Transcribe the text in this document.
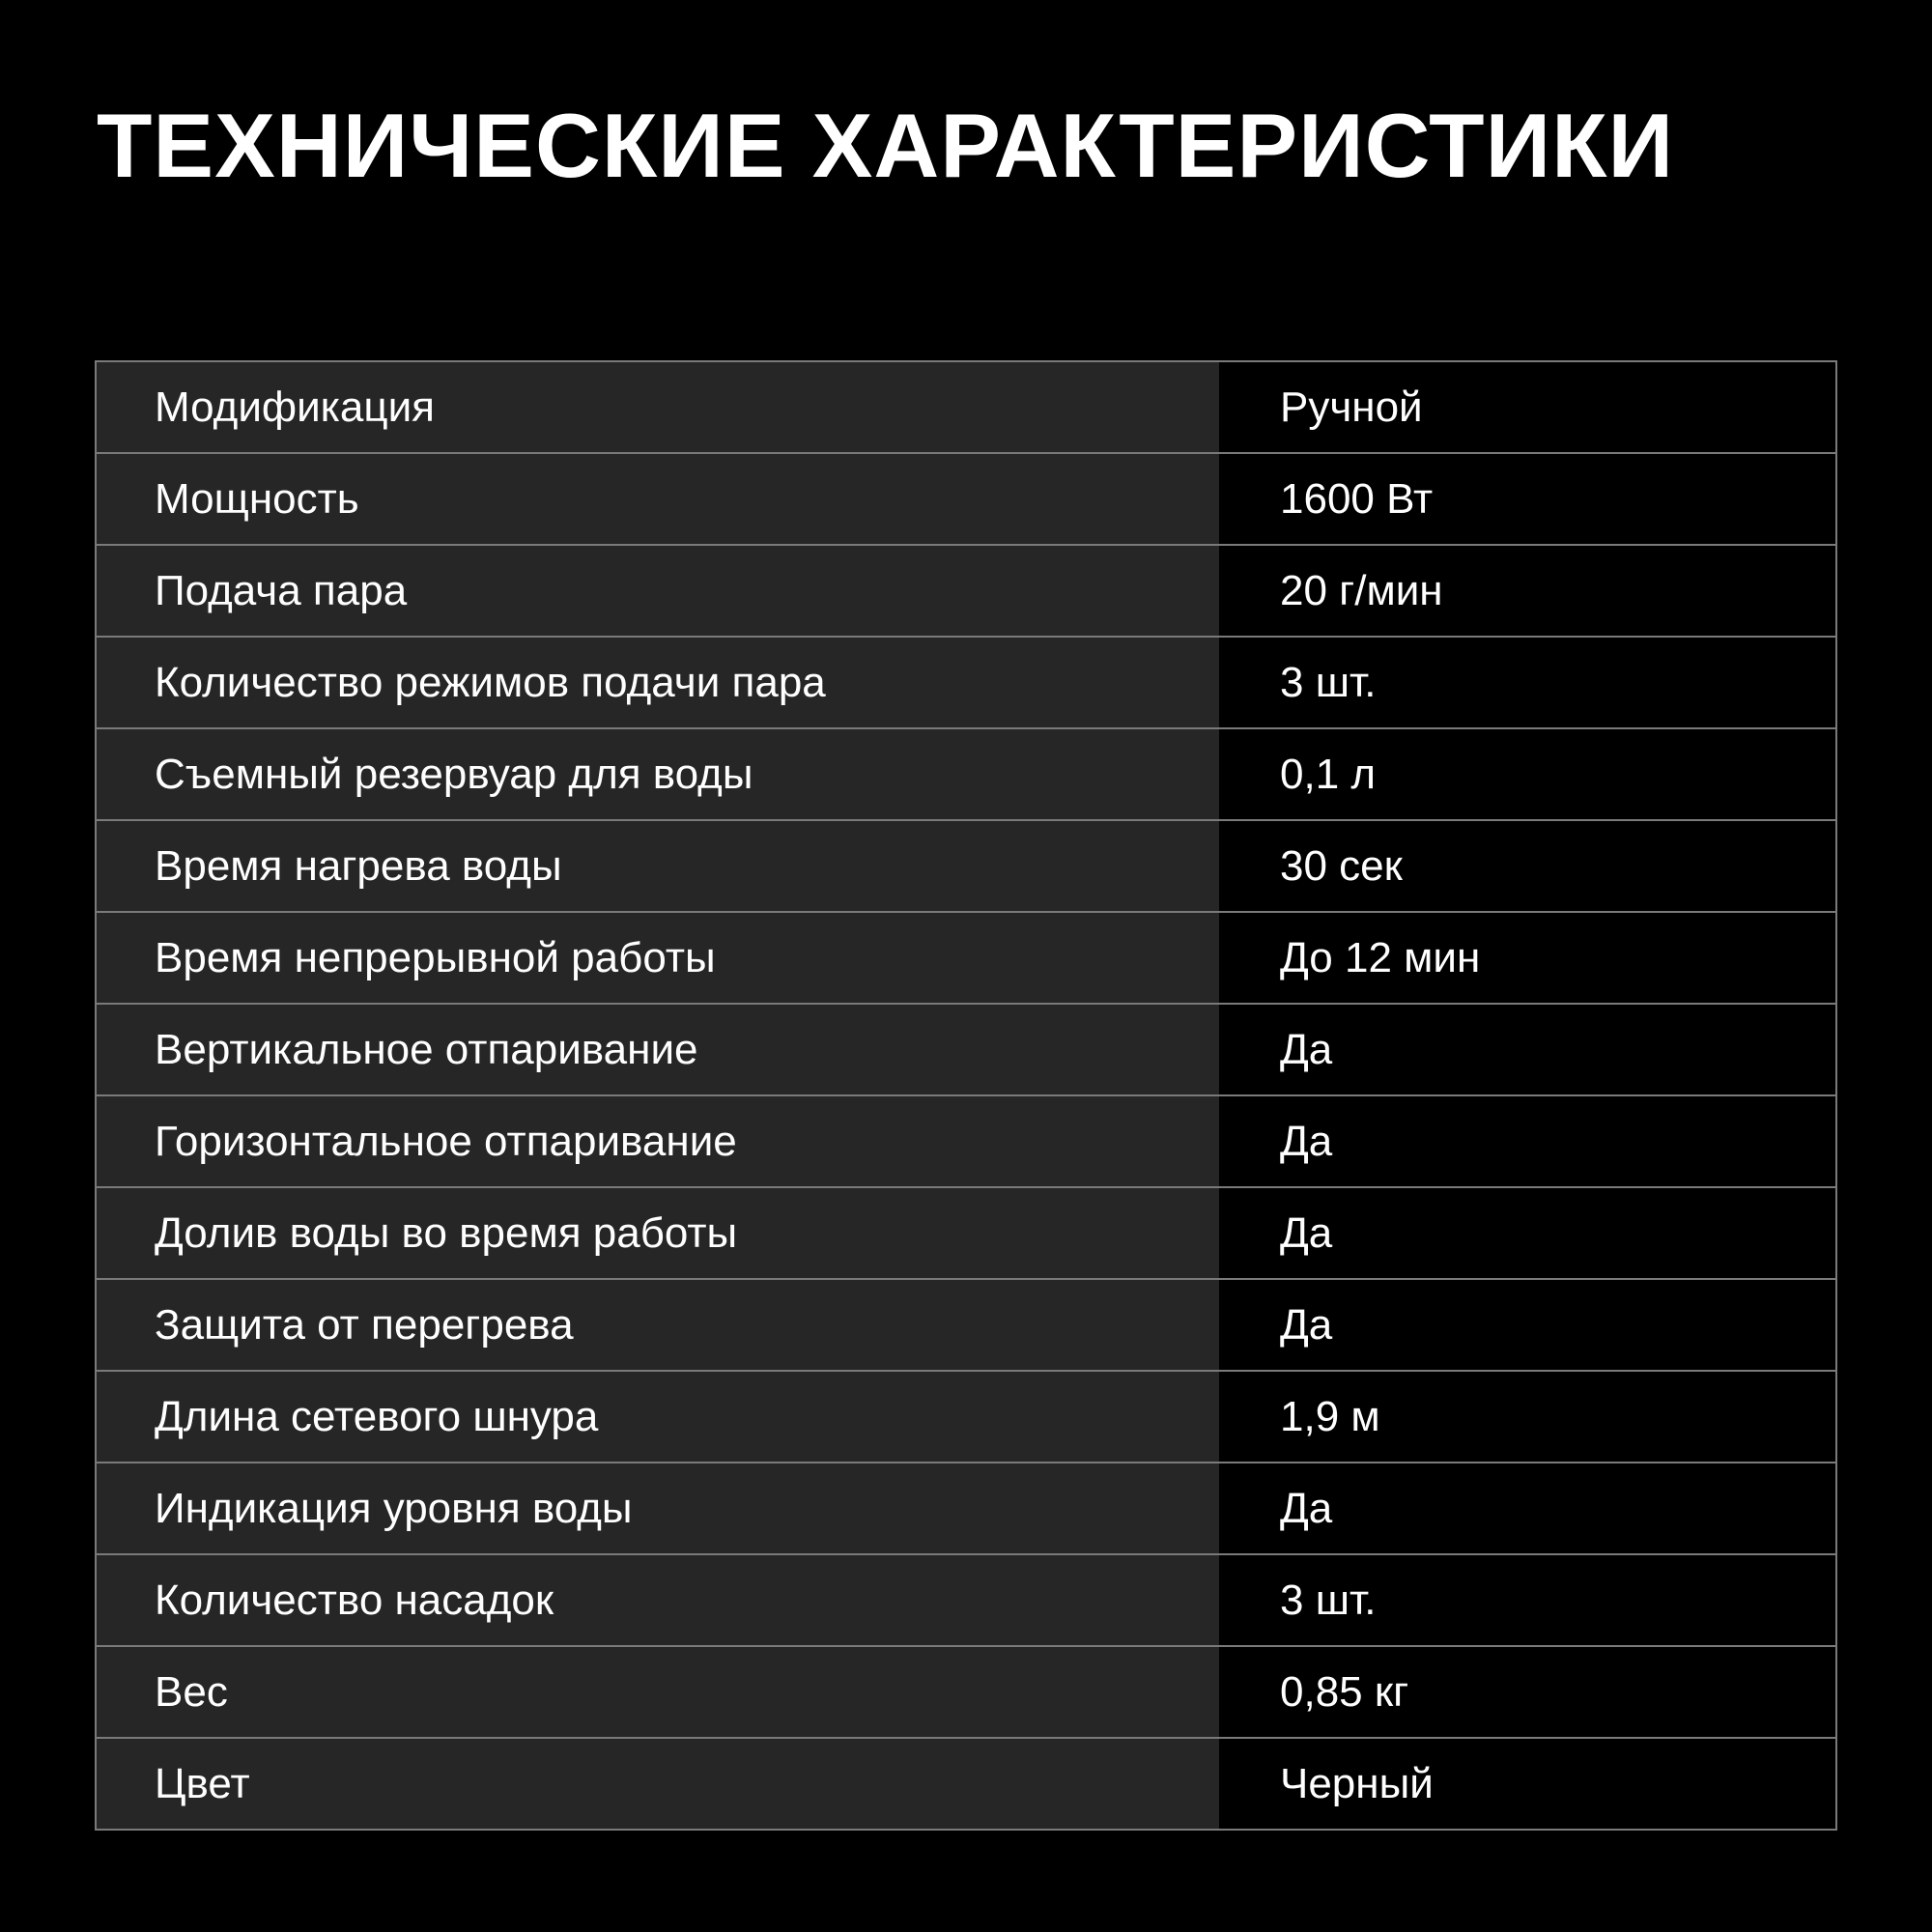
ТЕХНИЧЕСКИЕ ХАРАКТЕРИСТИКИ
Модификация	Ручной
Мощность	1600 Вт
Подача пара	20 г/мин
Количество режимов подачи пара	3 шт.
Съемный резервуар для воды	0,1 л
Время нагрева воды	30 сек
Время непрерывной работы	До 12 мин
Вертикальное отпаривание	Да
Горизонтальное отпаривание	Да
Долив воды во время работы	Да
Защита от перегрева	Да
Длина сетевого шнура	1,9 м
Индикация уровня воды	Да
Количество насадок	3 шт.
Вес	0,85 кг
Цвет	Черный
